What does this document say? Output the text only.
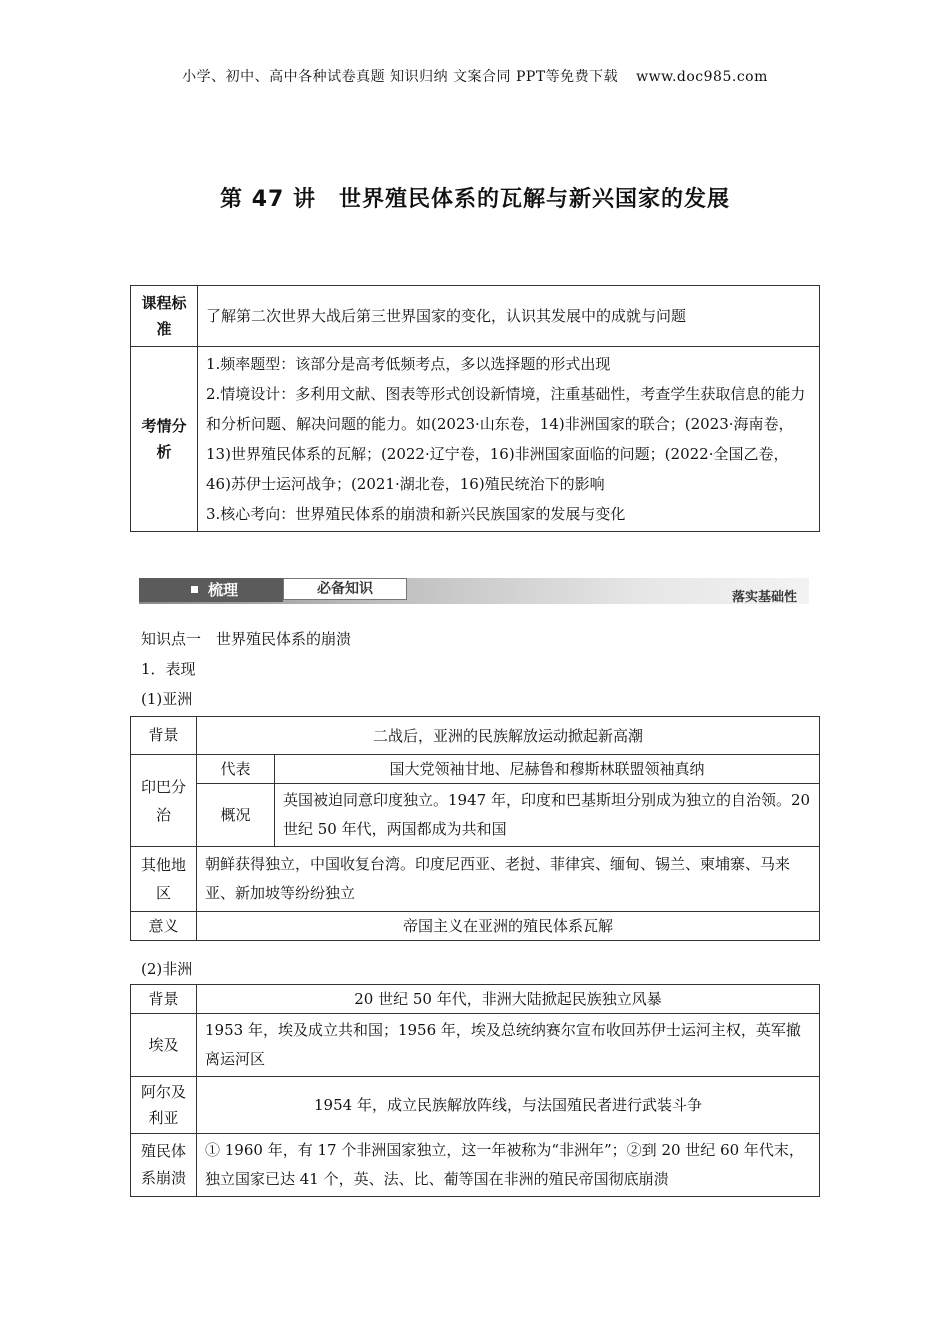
小学、初中、高中各种试卷真题 知识归纳 文案合同 PPT等免费下载 www.doc985.com
第 47 讲　世界殖民体系的瓦解与新兴国家的发展
课程标准	了解第二次世界大战后第三世界国家的变化，认识其发展中的成就与问题
考情分析	1.频率题型：该部分是高考低频考点，多以选择题的形式出现
2.情境设计：多利用文献、图表等形式创设新情境，注重基础性，考查学生获取信息的能力和分析问题、解决问题的能力。如(2023·山东卷，14)非洲国家的联合；(2023·海南卷，13)世界殖民体系的瓦解；(2022·辽宁卷，16)非洲国家面临的问题；(2022·全国乙卷，46)苏伊士运河战争；(2021·湖北卷，16)殖民统治下的影响
3.核心考向：世界殖民体系的崩溃和新兴民族国家的发展与变化
梳理	必备知识
落实基础性
知识点一　世界殖民体系的崩溃
1．表现
(1)亚洲
背景	二战后，亚洲的民族解放运动掀起新高潮	
印巴分治	代表	国大党领袖甘地、尼赫鲁和穆斯林联盟领袖真纳
	概况	英国被迫同意印度独立。1947 年，印度和巴基斯坦分别成为独立的自治领。20 世纪 50 年代，两国都成为共和国
其他地区	朝鲜获得独立，中国收复台湾。印度尼西亚、老挝、菲律宾、缅甸、锡兰、柬埔寨、马来亚、新加坡等纷纷独立	
意义	帝国主义在亚洲的殖民体系瓦解	
(2)非洲
背景	20 世纪 50 年代，非洲大陆掀起民族独立风暴
埃及	1953 年，埃及成立共和国；1956 年，埃及总统纳赛尔宣布收回苏伊士运河主权，英军撤离运河区
阿尔及利亚	1954 年，成立民族解放阵线，与法国殖民者进行武装斗争
殖民体系崩溃	① 1960 年，有 17 个非洲国家独立，这一年被称为“非洲年”；②到 20 世纪 60 年代末，独立国家已达 41 个，英、法、比、葡等国在非洲的殖民帝国彻底崩溃
